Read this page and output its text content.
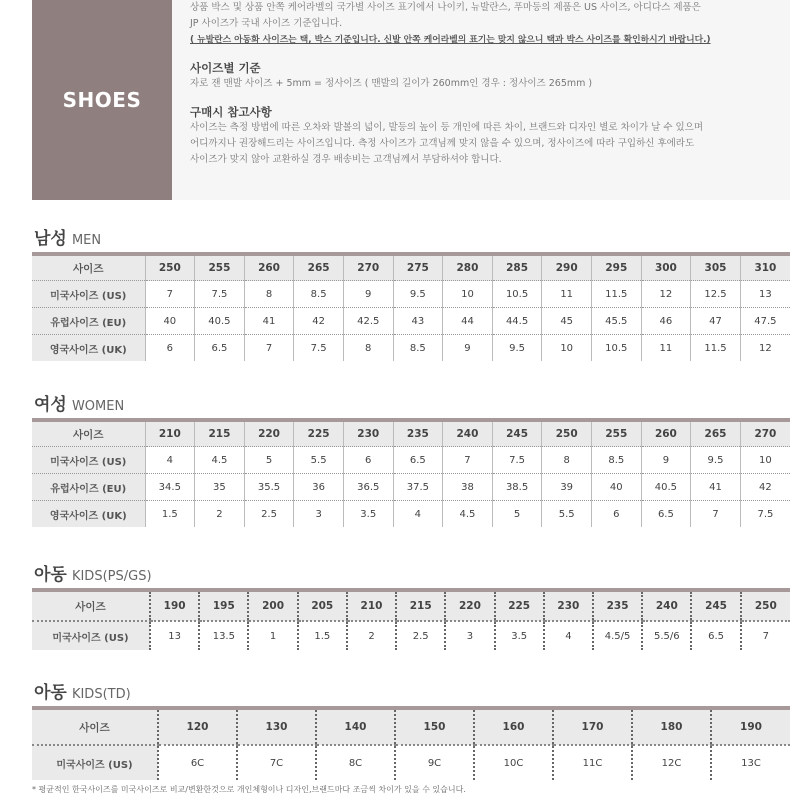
SHOES

상품 박스 및 상품 안쪽 케어라벨의 국가별 사이즈 표기에서 나이키, 뉴발란스, 푸마등의 제품은 US 사이즈, 아디다스 제품은

JP 사이즈가 국내 사이즈 기준입니다.

( 뉴발란스 아동화 사이즈는 택, 박스 기준입니다. 신발 안쪽 케어라벨의 표기는 맞지 않으니 택과 박스 사이즈를 확인하시기 바랍니다.)

사이즈별 기준

자로 잰 맨발 사이즈 + 5mm = 정사이즈 ( 맨발의 길이가 260mm인 경우 : 정사이즈 265mm )

구매시 참고사항

사이즈는 측정 방법에 따른 오차와 발볼의 넓이, 발등의 높이 등 개인에 따른 차이, 브랜드와 디자인 별로 차이가 날 수 있으며

어디까지나 권장해드리는 사이즈입니다. 측정 사이즈가 고객님께 맞지 않을 수 있으며, 정사이즈에 따라 구입하신 후에라도

사이즈가 맞지 않아 교환하실 경우 배송비는 고객님께서 부담하셔야 합니다.

남성 MEN
사이즈	250	255	260	265	270	275	280	285	290	295	300	305	310
미국사이즈 (US)	7	7.5	8	8.5	9	9.5	10	10.5	11	11.5	12	12.5	13
유럽사이즈 (EU)	40	40.5	41	42	42.5	43	44	44.5	45	45.5	46	47	47.5
영국사이즈 (UK)	6	6.5	7	7.5	8	8.5	9	9.5	10	10.5	11	11.5	12
여성 WOMEN
사이즈	210	215	220	225	230	235	240	245	250	255	260	265	270
미국사이즈 (US)	4	4.5	5	5.5	6	6.5	7	7.5	8	8.5	9	9.5	10
유럽사이즈 (EU)	34.5	35	35.5	36	36.5	37.5	38	38.5	39	40	40.5	41	42
영국사이즈 (UK)	1.5	2	2.5	3	3.5	4	4.5	5	5.5	6	6.5	7	7.5
아동 KIDS(PS/GS)
사이즈	190	195	200	205	210	215	220	225	230	235	240	245	250
미국사이즈 (US)	13	13.5	1	1.5	2	2.5	3	3.5	4	4.5/5	5.5/6	6.5	7
아동 KIDS(TD)
사이즈	120	130	140	150	160	170	180	190
미국사이즈 (US)	6C	7C	8C	9C	10C	11C	12C	13C
* 평균적인 한국사이즈를 미국사이즈로 비교/변환한것으로 개인체형이나 디자인,브랜드마다 조금씩 차이가 있을 수 있습니다.
